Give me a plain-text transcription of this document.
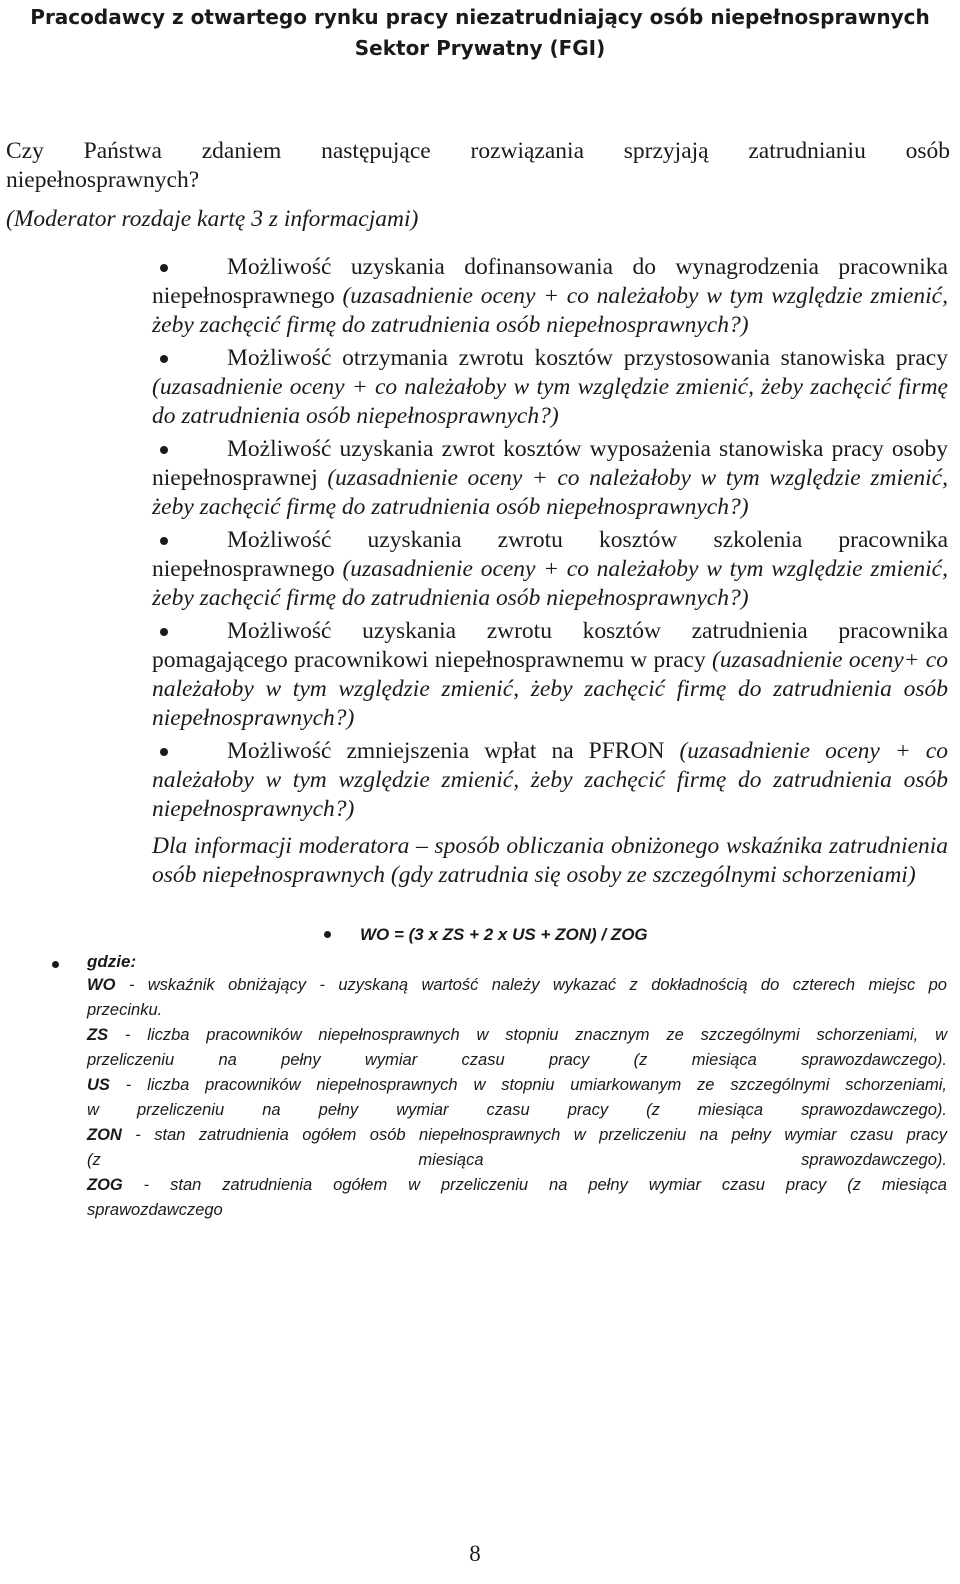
Pracodawcy z otwartego rynku pracy niezatrudniający osób niepełnosprawnych
Sektor Prywatny (FGI)
Czy Państwa zdaniem następujące rozwiązania sprzyjają zatrudnianiu osób
niepełnosprawnych?
(Moderator rozdaje kartę 3 z informacjami)
Możliwość uzyskania dofinansowania do wynagrodzenia pracownika niepełnosprawnego (uzasadnienie oceny + co należałoby w tym względzie zmienić, żeby zachęcić firmę do zatrudnienia osób niepełnosprawnych?)
Możliwość otrzymania zwrotu kosztów przystosowania stanowiska pracy (uzasadnienie oceny + co należałoby w tym względzie zmienić, żeby zachęcić firmę do zatrudnienia osób niepełnosprawnych?)
Możliwość uzyskania zwrot kosztów wyposażenia stanowiska pracy osoby niepełnosprawnej (uzasadnienie oceny + co należałoby w tym względzie zmienić, żeby zachęcić firmę do zatrudnienia osób niepełnosprawnych?)
Możliwość uzyskania zwrotu kosztów szkolenia pracownika niepełnosprawnego (uzasadnienie oceny + co należałoby w tym względzie zmienić, żeby zachęcić firmę do zatrudnienia osób niepełnosprawnych?)
Możliwość uzyskania zwrotu kosztów zatrudnienia pracownika pomagającego pracownikowi niepełnosprawnemu w pracy (uzasadnienie oceny+ co należałoby w tym względzie zmienić, żeby zachęcić firmę do zatrudnienia osób niepełnosprawnych?)
Możliwość zmniejszenia wpłat na PFRON (uzasadnienie oceny + co należałoby w tym względzie zmienić, żeby zachęcić firmę do zatrudnienia osób niepełnosprawnych?)
Dla informacji moderatora – sposób obliczania obniżonego wskaźnika zatrudnienia osób niepełnosprawnych (gdy zatrudnia się osoby ze szczególnymi schorzeniami)
WO = (3 x ZS + 2 x US + ZON) / ZOG
gdzie:

WO - wskaźnik obniżający - uzyskaną wartość należy wykazać z dokładnością do czterech miejsc po

przecinku.

ZS - liczba pracowników niepełnosprawnych w stopniu znacznym ze szczególnymi schorzeniami, w

przeliczeniu na pełny wymiar czasu pracy (z miesiąca sprawozdawczego).

US - liczba pracowników niepełnosprawnych w stopniu umiarkowanym ze szczególnymi schorzeniami,

w przeliczeniu na pełny wymiar czasu pracy (z miesiąca sprawozdawczego).

ZON - stan zatrudnienia ogółem osób niepełnosprawnych w przeliczeniu na pełny wymiar czasu pracy

(z miesiąca sprawozdawczego).

ZOG - stan zatrudnienia ogółem w przeliczeniu na pełny wymiar czasu pracy (z miesiąca

sprawozdawczego

8
